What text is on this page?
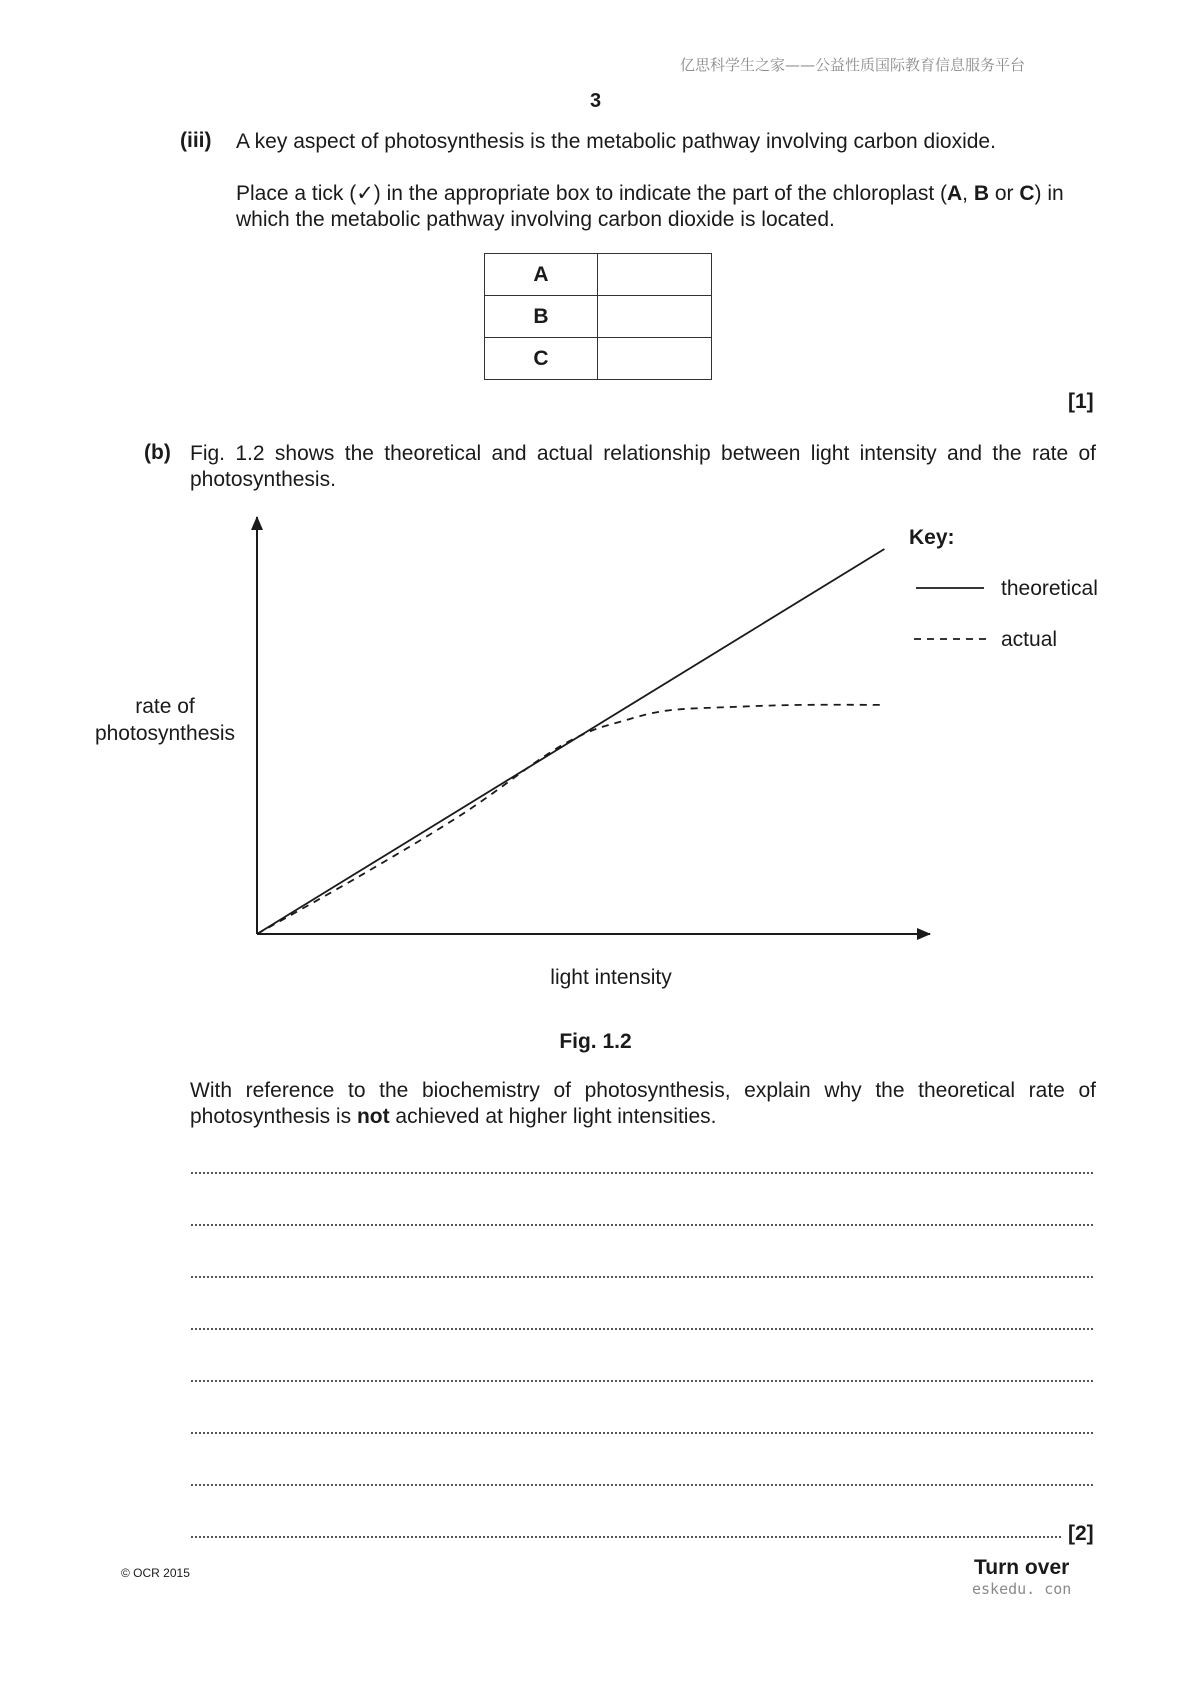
亿思科学生之家——公益性质国际教育信息服务平台
3
(iii) A key aspect of photosynthesis is the metabolic pathway involving carbon dioxide.
Place a tick (✓) in the appropriate box to indicate the part of the chloroplast (A, B or C) in which the metabolic pathway involving carbon dioxide is located.
A	
B	
C	
[1]
(b) Fig. 1.2 shows the theoretical and actual relationship between light intensity and the rate of photosynthesis.
rate of
photosynthesis
light intensity
Key:
theoretical
actual
Fig. 1.2
With reference to the biochemistry of photosynthesis, explain why the theoretical rate of photosynthesis is not achieved at higher light intensities.
[2]
© OCR 2015	Turn over
eskedu. con
